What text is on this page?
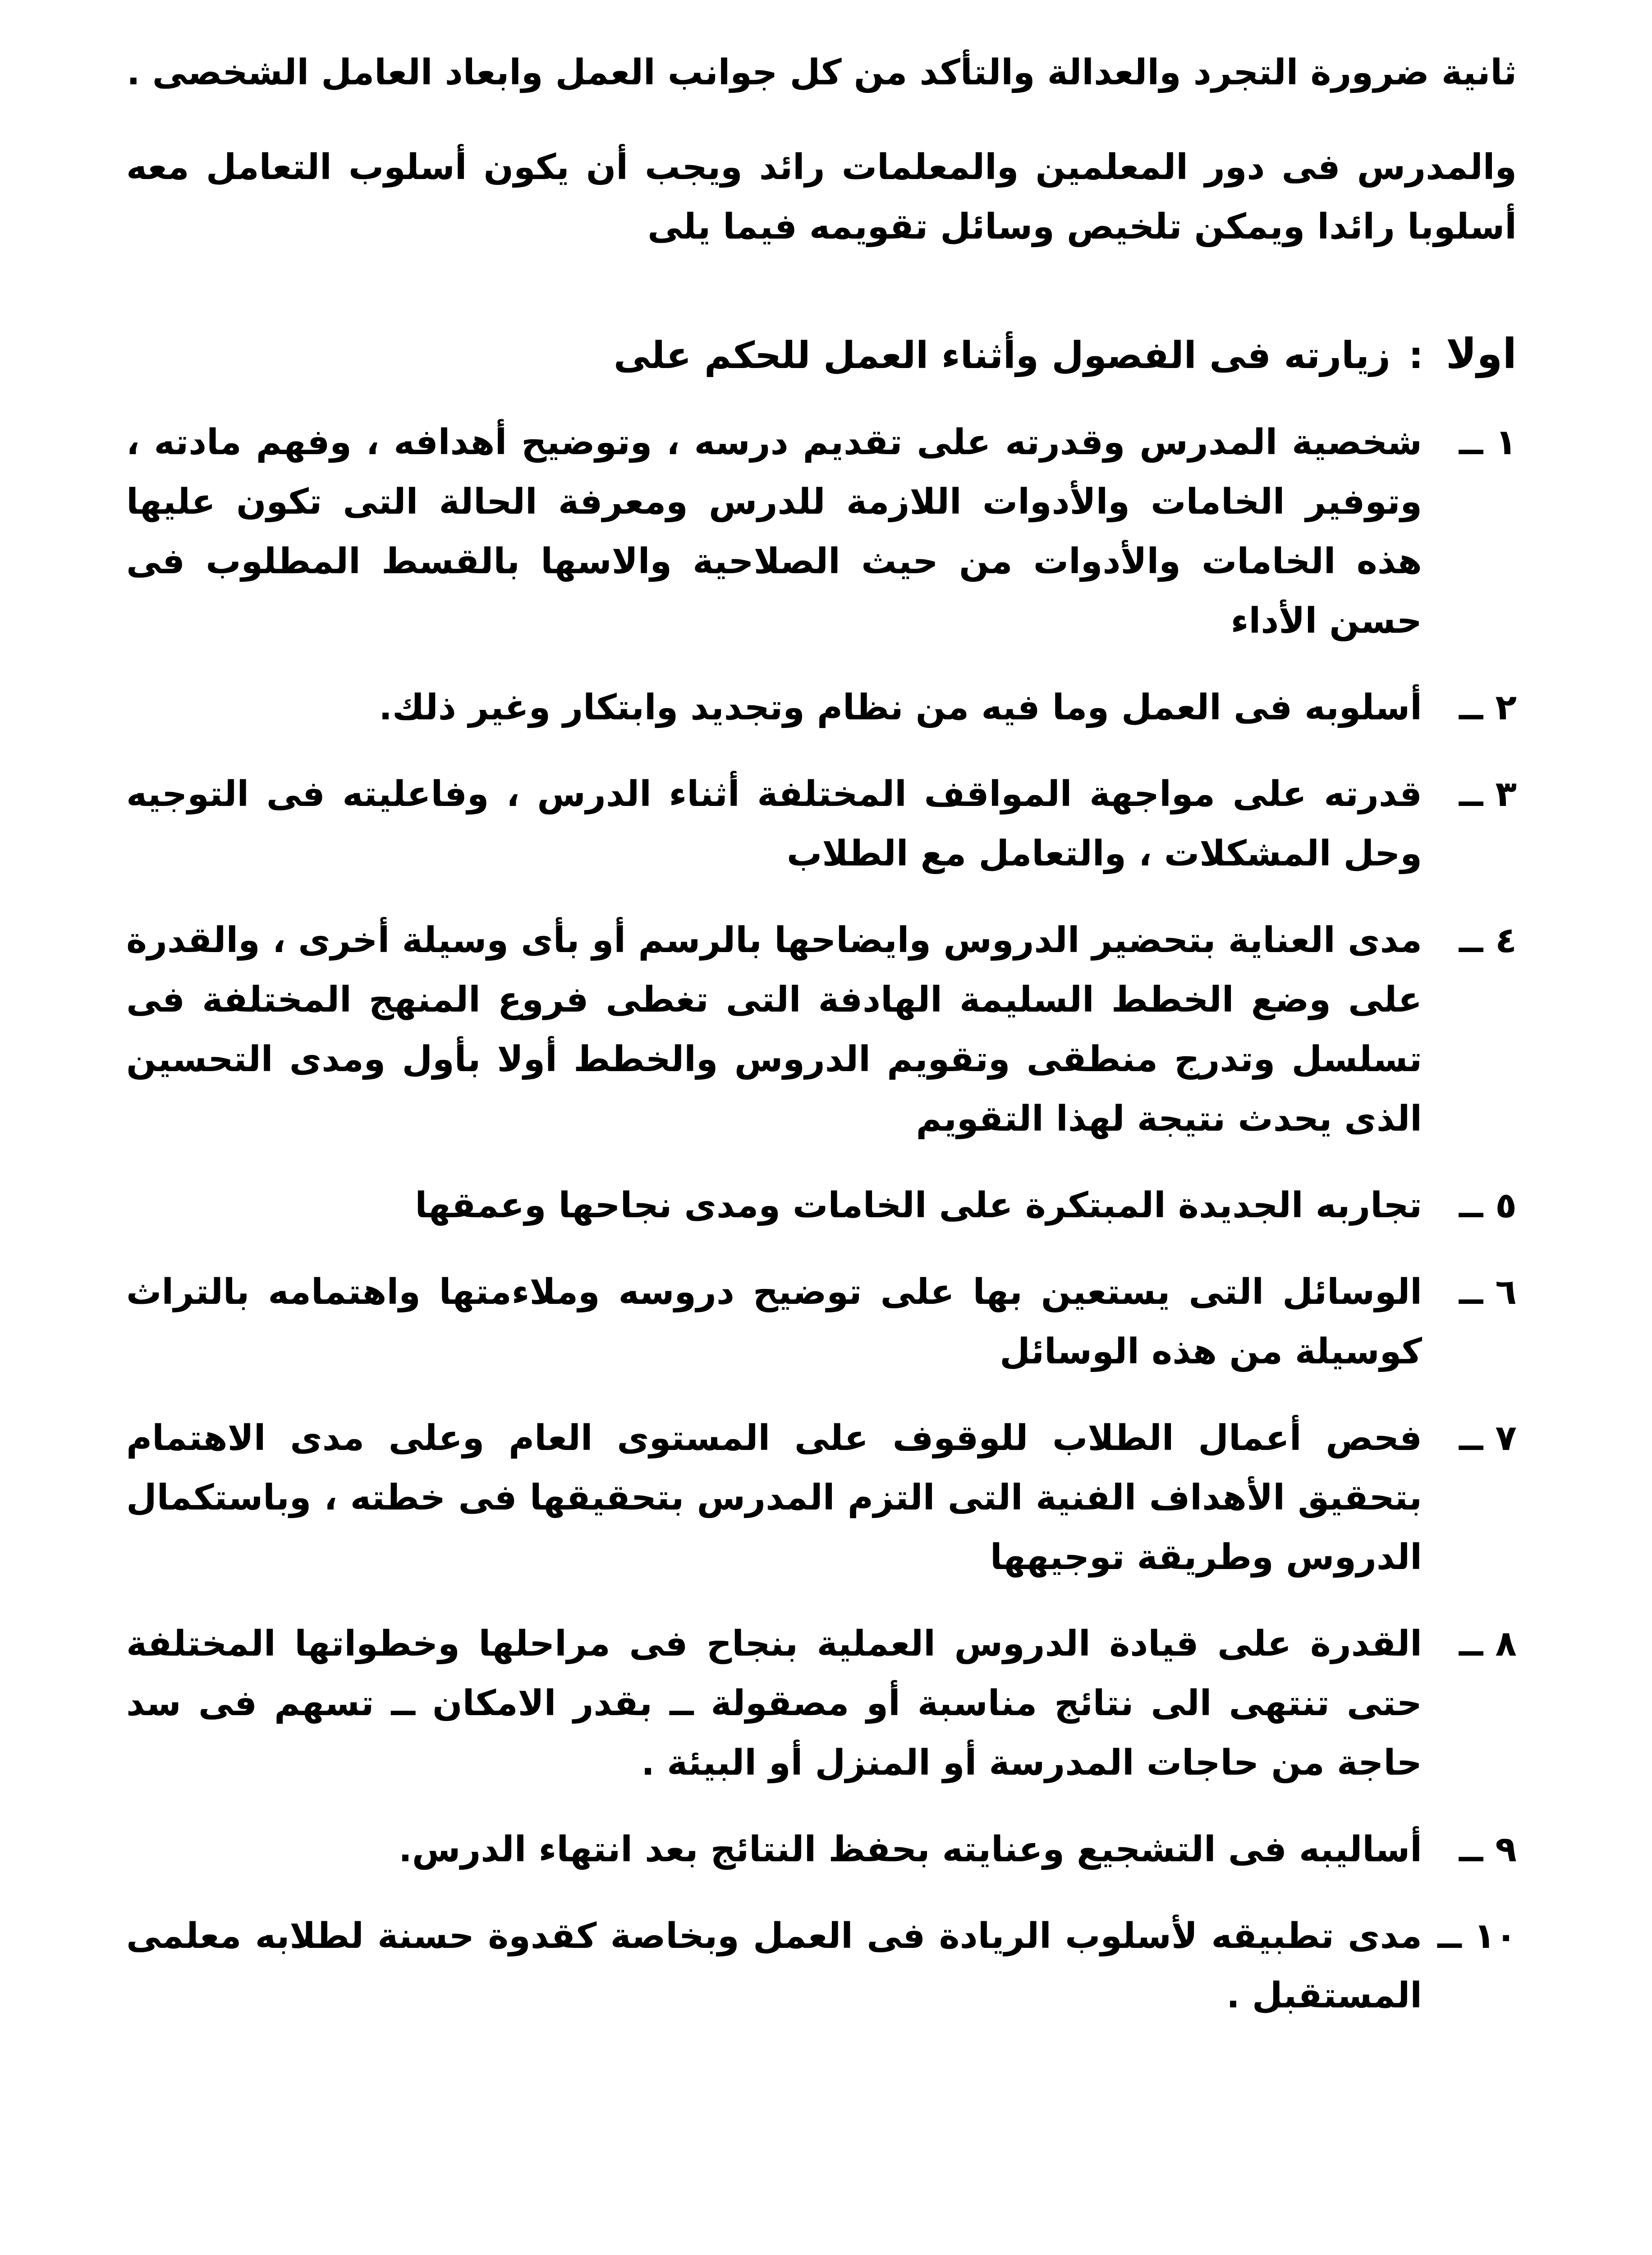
ثانية ضرورة التجرد والعدالة والتأكد من كل جوانب العمل وابعاد العامل الشخصى .

والمدرس فى دور المعلمين والمعلمات رائد ويجب أن يكون أسلوب التعامل معه أسلوبا رائدا ويمكن تلخيص وسائل تقويمه فيما يلى

اولا
:
زيارته فى الفصول وأثناء العمل للحكم على
١ ــ
شخصية المدرس وقدرته على تقديم درسه ، وتوضيح أهدافه ، وفهم مادته ، وتوفير الخامات والأدوات اللازمة للدرس ومعرفة الحالة التى تكون عليها هذه الخامات والأدوات من حيث الصلاحية والاسها بالقسط المطلوب فى حسن الأداء
٢ ــ
أسلوبه فى العمل وما فيه من نظام وتجديد وابتكار وغير ذلك.
٣ ــ
قدرته على مواجهة المواقف المختلفة أثناء الدرس ، وفاعليته فى التوجيه وحل المشكلات ، والتعامل مع الطلاب
٤ ــ
مدى العناية بتحضير الدروس وايضاحها بالرسم أو بأى وسيلة أخرى ، والقدرة على وضع الخطط السليمة الهادفة التى تغطى فروع المنهج المختلفة فى تسلسل وتدرج منطقى وتقويم الدروس والخطط أولا بأول ومدى التحسين الذى يحدث نتيجة لهذا التقويم
٥ ــ
تجاربه الجديدة المبتكرة على الخامات ومدى نجاحها وعمقها
٦ ــ
الوسائل التى يستعين بها على توضيح دروسه وملاءمتها واهتمامه بالتراث كوسيلة من هذه الوسائل
٧ ــ
فحص أعمال الطلاب للوقوف على المستوى العام وعلى مدى الاهتمام بتحقيق الأهداف الفنية التى التزم المدرس بتحقيقها فى خطته ، وباستكمال الدروس وطريقة توجيهها
٨ ــ
القدرة على قيادة الدروس العملية بنجاح فى مراحلها وخطواتها المختلفة حتى تنتهى الى نتائج مناسبة أو مصقولة ــ بقدر الامكان ــ تسهم فى سد حاجة من حاجات المدرسة أو المنزل أو البيئة .
٩ ــ
أساليبه فى التشجيع وعنايته بحفظ النتائج بعد انتهاء الدرس.
١٠ ــ
مدى تطبيقه لأسلوب الريادة فى العمل وبخاصة كقدوة حسنة لطلابه معلمى المستقبل .
